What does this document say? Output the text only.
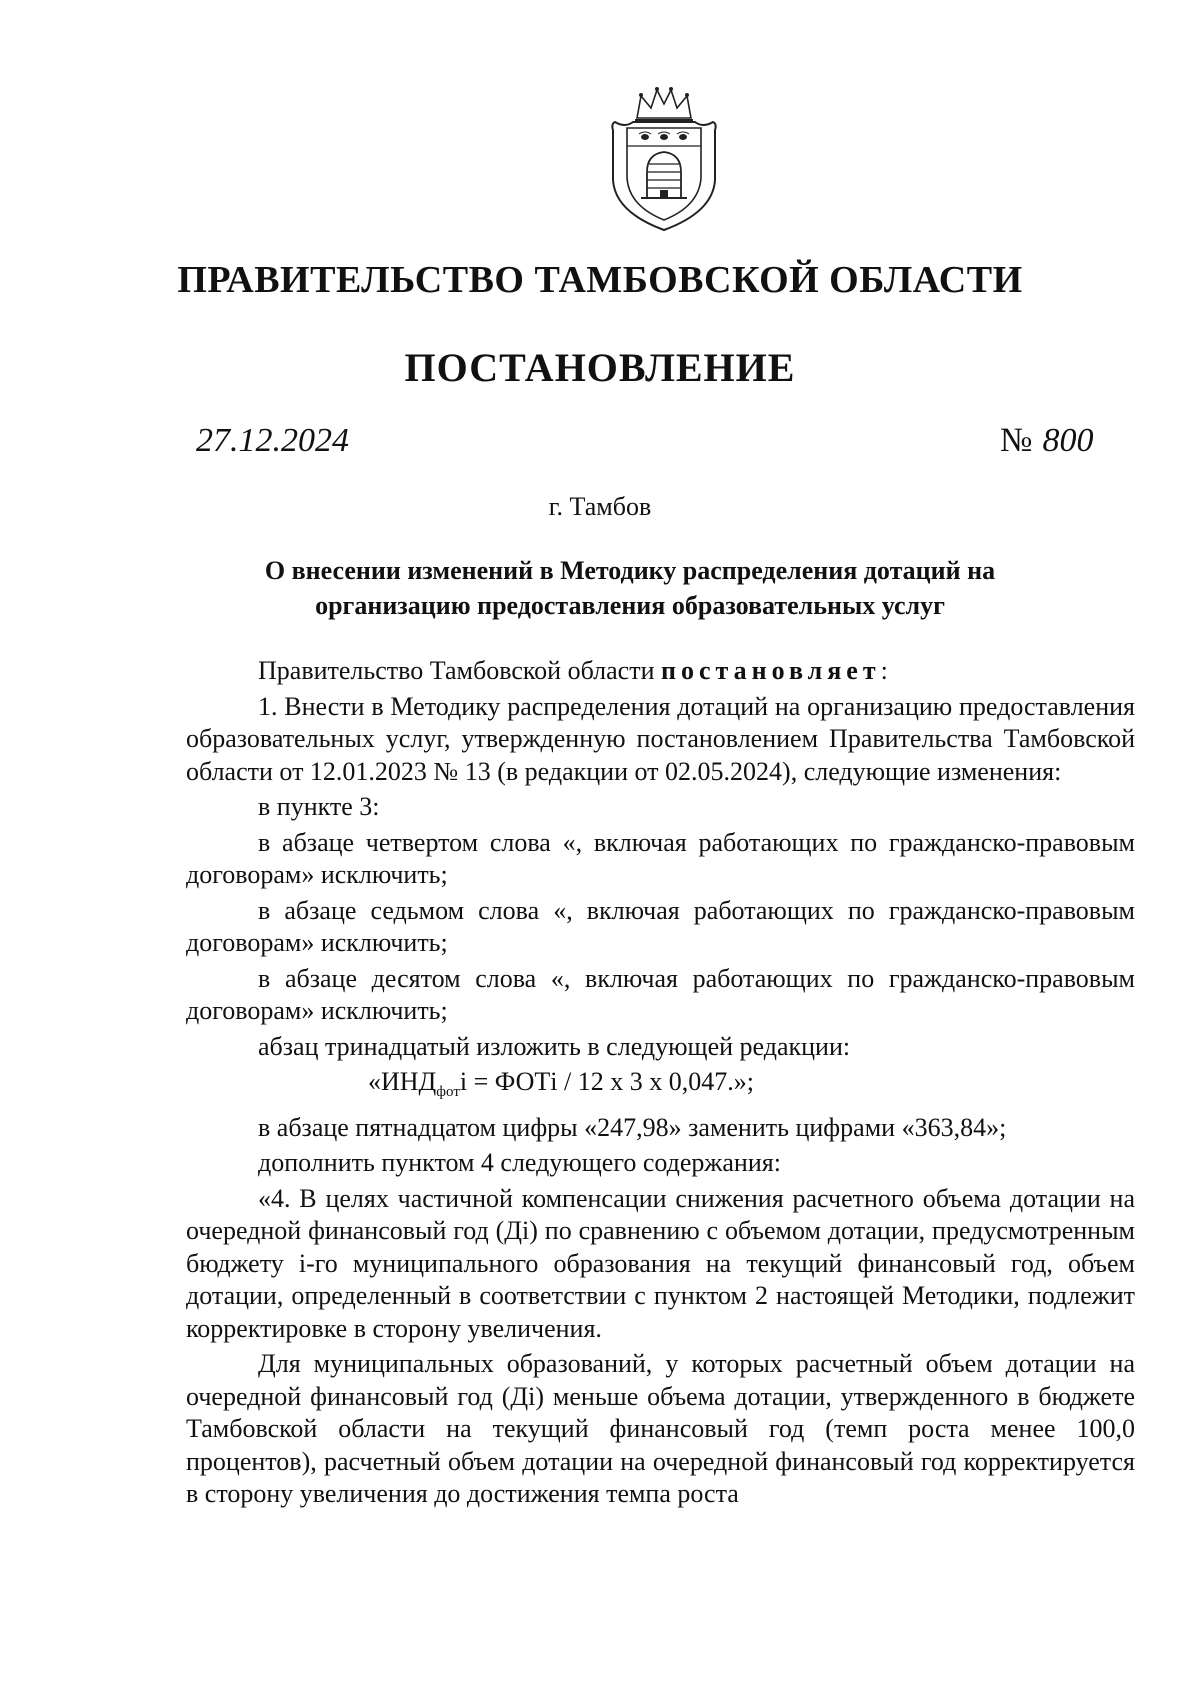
ПРАВИТЕЛЬСТВО ТАМБОВСКОЙ ОБЛАСТИ
ПОСТАНОВЛЕНИЕ
27.12.2024	№ 800
г. Тамбов
О внесении изменений в Методику распределения дотаций на организацию предоставления образовательных услуг

Правительство Тамбовской области постановляет:

1. Внести в Методику распределения дотаций на организацию предоставления образовательных услуг, утвержденную постановлением Правительства Тамбовской области от 12.01.2023 № 13 (в редакции от 02.05.2024), следующие изменения:

в пункте 3:

в абзаце четвертом слова «, включая работающих по гражданско-правовым договорам» исключить;

в абзаце седьмом слова «, включая работающих по гражданско-правовым договорам» исключить;

в абзаце десятом слова «, включая работающих по гражданско-правовым договорам» исключить;

абзац тринадцатый изложить в следующей редакции:

«$ИНД_{фот}i$ = ФОТi / 12 х 3 х 0,047.»;

в абзаце пятнадцатом цифры «247,98» заменить цифрами «363,84»;

дополнить пунктом 4 следующего содержания:

«4. В целях частичной компенсации снижения расчетного объема дотации на очередной финансовый год (Дi) по сравнению с объемом дотации, предусмотренным бюджету i-го муниципального образования на текущий финансовый год, объем дотации, определенный в соответствии с пунктом 2 настоящей Методики, подлежит корректировке в сторону увеличения.

Для муниципальных образований, у которых расчетный объем дотации на очередной финансовый год (Дi) меньше объема дотации, утвержденного в бюджете Тамбовской области на текущий финансовый год (темп роста менее 100,0 процентов), расчетный объем дотации на очередной финансовый год корректируется в сторону увеличения до достижения темпа роста
